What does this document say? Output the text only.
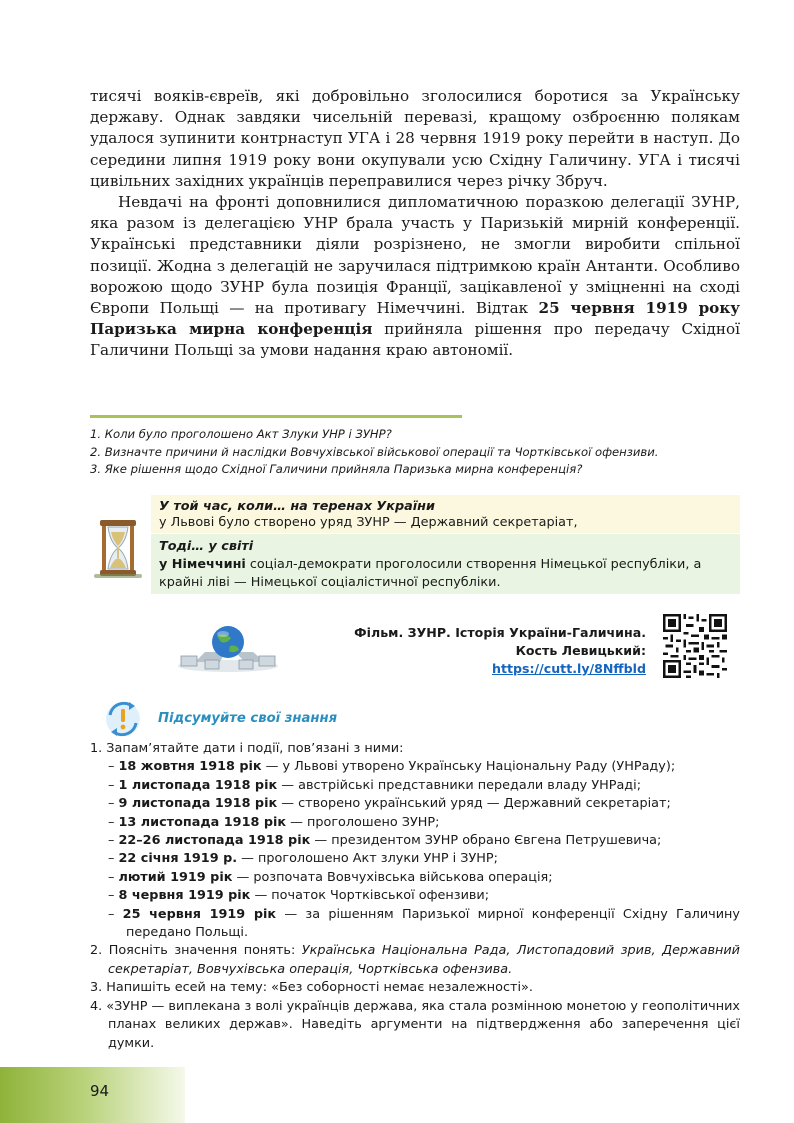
тисячі вояків-євреїв, які добровільно зголосилися боротися за Українську державу. Однак завдяки чисельній перевазі, кращому озброєнню полякам удалося зупинити контрнаступ УГА і 28 червня 1919 року перейти в наступ. До середини липня 1919 року вони окупували усю Східну Галичину. УГА і тисячі цивільних західних українців переправилися через річку Збруч.

Невдачі на фронті доповнилися дипломатичною поразкою делегації ЗУНР, яка разом із делегацією УНР брала участь у Паризькій мирній конференції. Українські представники діяли розрізнено, не змогли виробити спільної позиції. Жодна з делегацій не заручилася підтримкою країн Антанти. Особливо ворожою щодо ЗУНР була позиція Франції, зацікавленої у зміцненні на сході Європи Польщі — на противагу Німеччині. Відтак 25 червня 1919 року Паризька мирна конференція прийняла рішення про передачу Східної Галичини Польщі за умови надання краю автономії.

1. Коли було проголошено Акт Злуки УНР і ЗУНР?
2. Визначте причини й наслідки Вовчухівської військової операції та Чортківської офензиви.
3. Яке рішення щодо Східної Галичини прийняла Паризька мирна конференція?
У той час, коли… на теренах України
у Львові було створено уряд ЗУНР — Державний секретаріат,
Тоді… у світі
у Німеччині соціал-демократи проголосили створення Німецької республіки, а
крайні ліві — Німецької соціалістичної республіки.
Фільм. ЗУНР. Історія України-Галичина.
Кость Левицький:
https://cutt.ly/8Nffbld
Підсумуйте свої знання
1. Запам’ятайте дати і події, пов’язані з ними:
– 18 жовтня 1918 рік — у Львові утворено Українську Національну Раду (УНРаду);
– 1 листопада 1918 рік — австрійські представники передали владу УНРаді;
– 9 листопада 1918 рік — створено український уряд — Державний секретаріат;
– 13 листопада 1918 рік — проголошено ЗУНР;
– 22–26 листопада 1918 рік — президентом ЗУНР обрано Євгена Петрушевича;
– 22 січня 1919 р. — проголошено Акт злуки УНР і ЗУНР;
– лютий 1919 рік — розпочата Вовчухівська військова операція;
– 8 червня 1919 рік — початок Чортківської офензиви;
– 25 червня 1919 рік — за рішенням Паризької мирної конференції Східну Галичину передано Польщі.
2. Поясніть значення понять: Українська Національна Рада, Листопадовий зрив, Державний секретаріат, Вовчухівська операція, Чортківська офензива.
3. Напишіть есей на тему: «Без соборності немає незалежності».
4. «ЗУНР — виплекана з волі українців держава, яка стала розмінною монетою у геополітичних планах великих держав». Наведіть аргументи на підтвердження або заперечення цієї думки.
94
